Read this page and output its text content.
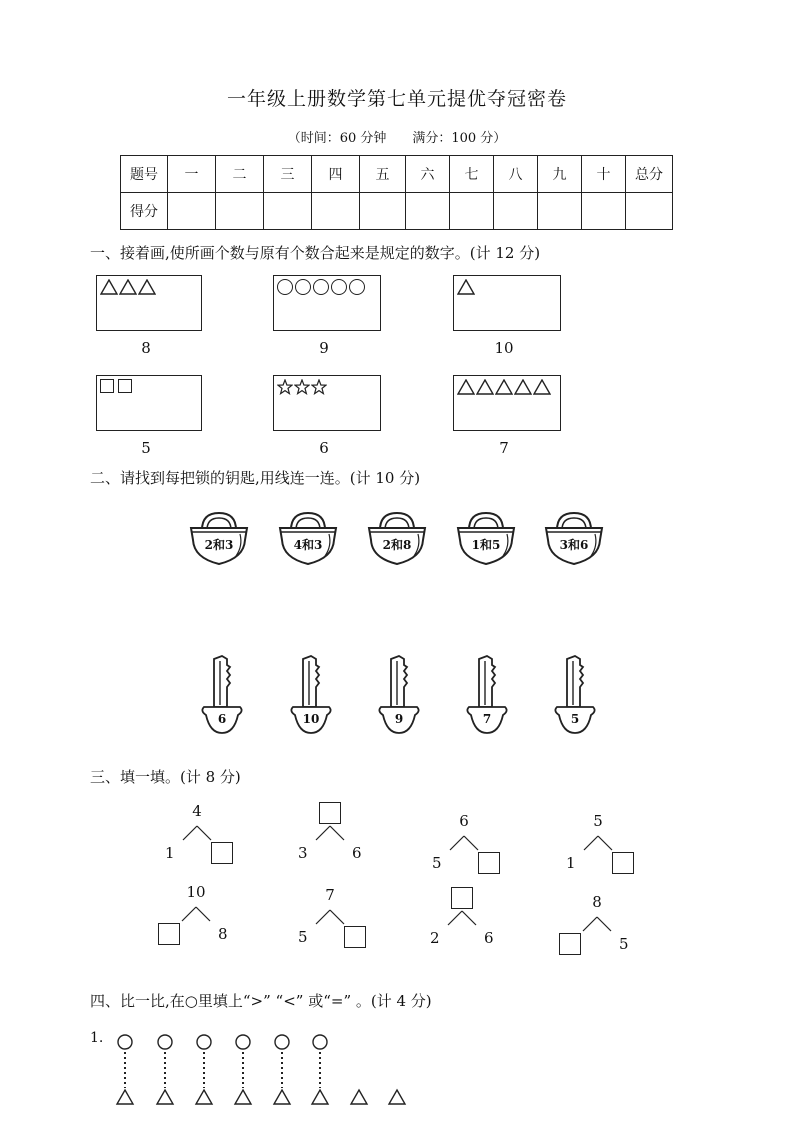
一年级上册数学第七单元提优夺冠密卷
（时间：60 分钟　　满分：100 分）
题号	一	二	三	四	五	六	七	八	九	十	总分
得分											
一、接着画,使所画个数与原有个数合起来是规定的数字。(计 12 分)
8	9	10
5	6	7
二、请找到每把锁的钥匙,用线连一连。(计 10 分)
2和3	4和3	2和8	1和5	3和6
6	10	9	7	5
三、填一填。(计 8 分)
4
1	3	6
6
5
5
1
10
8
7
5	2	6
8
5
四、比一比,在○里填上“>” “<” 或“=” 。(计 4 分)
1.
